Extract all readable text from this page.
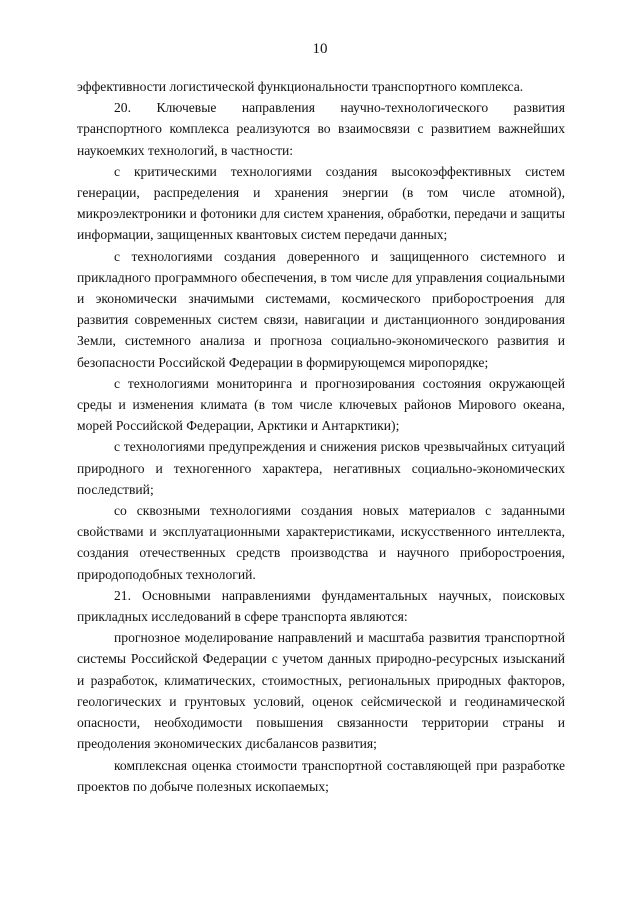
10

эффективности логистической функциональности транспортного комплекса.

20. Ключевые направления научно-технологического развития транспортного комплекса реализуются во взаимосвязи с развитием важнейших наукоемких технологий, в частности:

с критическими технологиями создания высокоэффективных систем генерации, распределения и хранения энергии (в том числе атомной), микроэлектроники и фотоники для систем хранения, обработки, передачи и защиты информации, защищенных квантовых систем передачи данных;

с технологиями создания доверенного и защищенного системного и прикладного программного обеспечения, в том числе для управления социальными и экономически значимыми системами, космического приборостроения для развития современных систем связи, навигации и дистанционного зондирования Земли, системного анализа и прогноза социально-экономического развития и безопасности Российской Федерации в формирующемся миропорядке;

с технологиями мониторинга и прогнозирования состояния окружающей среды и изменения климата (в том числе ключевых районов Мирового океана, морей Российской Федерации, Арктики и Антарктики);

с технологиями предупреждения и снижения рисков чрезвычайных ситуаций природного и техногенного характера, негативных социально-экономических последствий;

со сквозными технологиями создания новых материалов с заданными свойствами и эксплуатационными характеристиками, искусственного интеллекта, создания отечественных средств производства и научного приборостроения, природоподобных технологий.

21. Основными направлениями фундаментальных научных, поисковых прикладных исследований в сфере транспорта являются:

прогнозное моделирование направлений и масштаба развития транспортной системы Российской Федерации с учетом данных природно-ресурсных изысканий и разработок, климатических, стоимостных, региональных природных факторов, геологических и грунтовых условий, оценок сейсмической и геодинамической опасности, необходимости повышения связанности территории страны и преодоления экономических дисбалансов развития;

комплексная оценка стоимости транспортной составляющей при разработке проектов по добыче полезных ископаемых;
